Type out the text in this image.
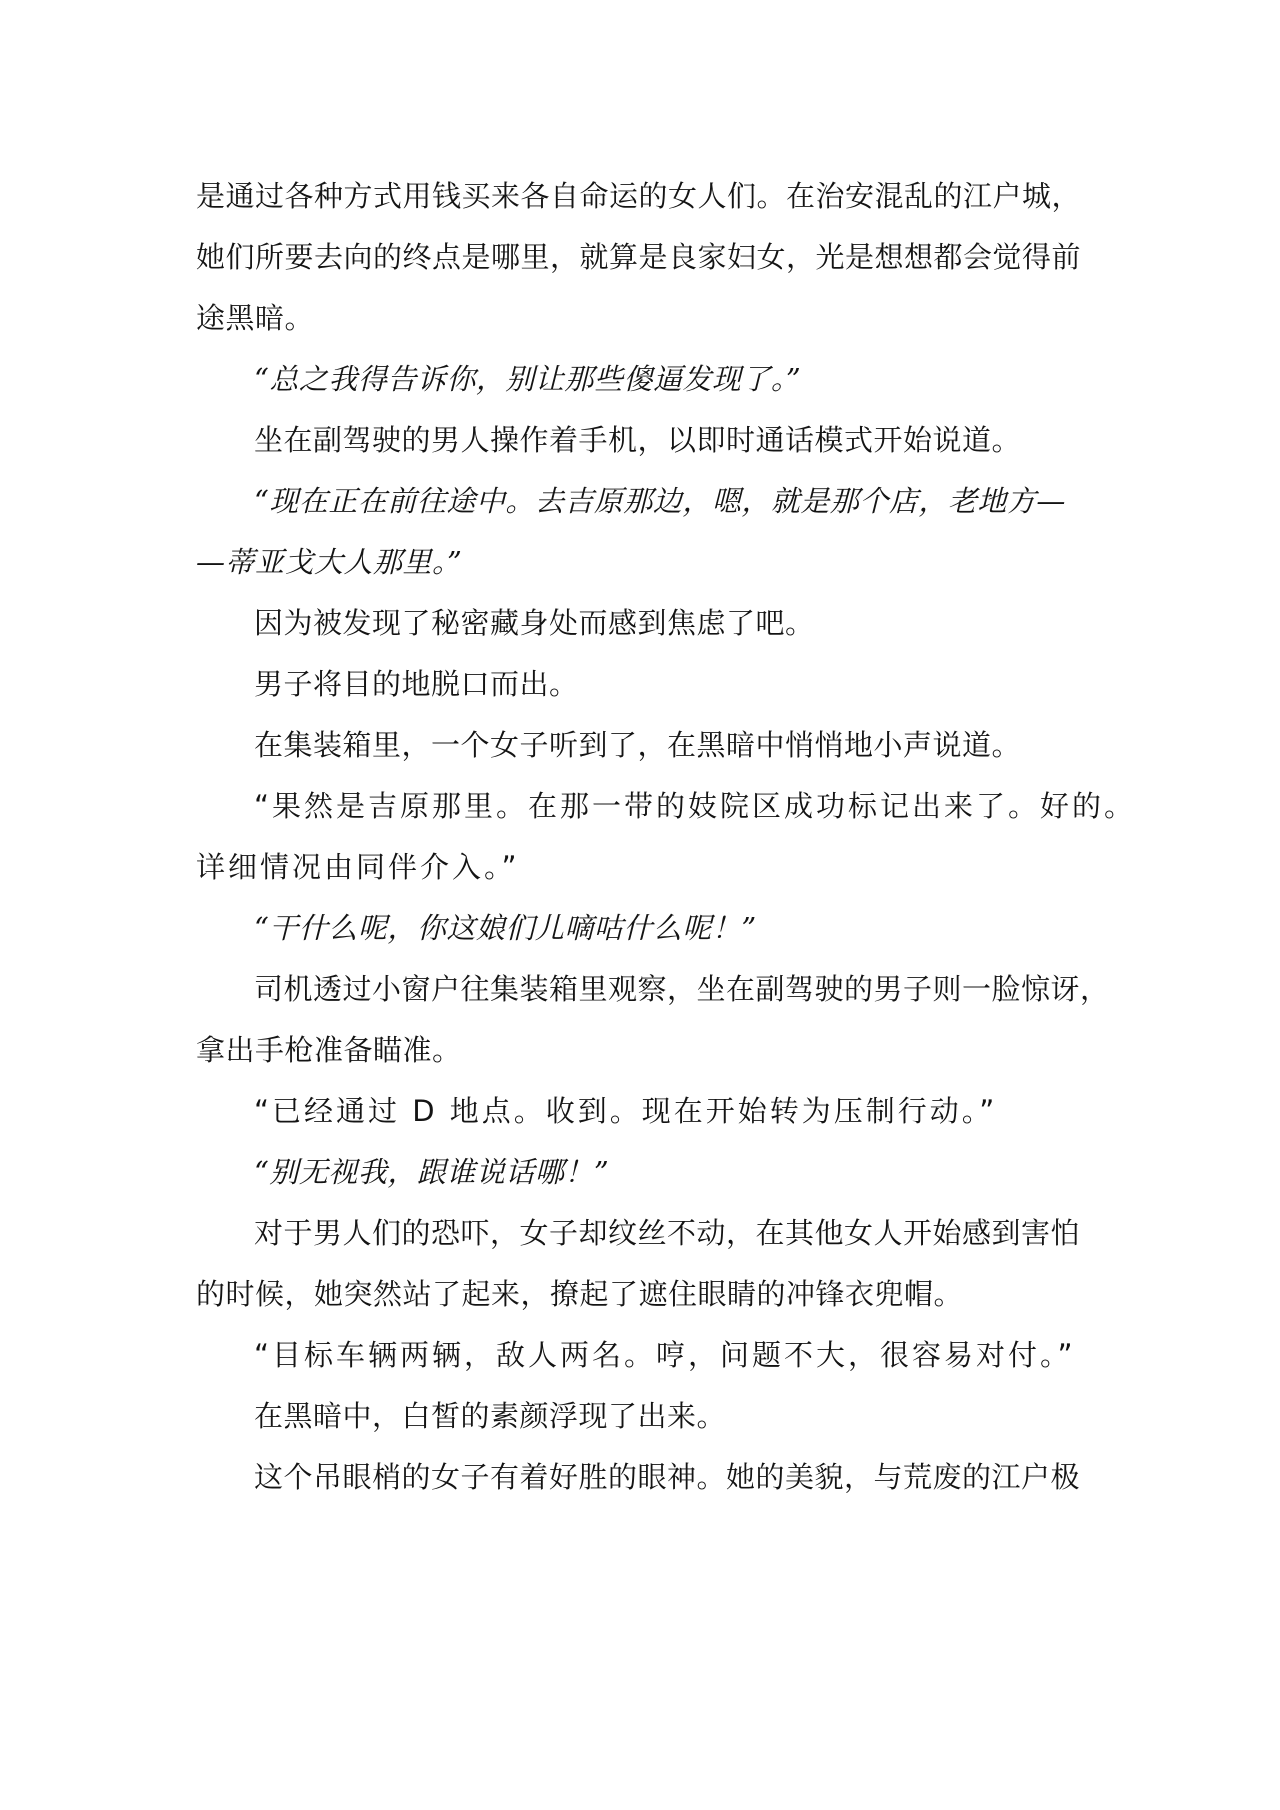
是通过各种方式用钱买来各自命运的女人们。在治安混乱的江户城，
她们所要去向的终点是哪里，就算是良家妇女，光是想想都会觉得前
途黑暗。
“总之我得告诉你，别让那些傻逼发现了。”
坐在副驾驶的男人操作着手机，以即时通话模式开始说道。
“现在正在前往途中。去吉原那边，嗯，就是那个店，老地方—
—蒂亚戈大人那里。”
因为被发现了秘密藏身处而感到焦虑了吧。
男子将目的地脱口而出。
在集装箱里，一个女子听到了，在黑暗中悄悄地小声说道。
“果然是吉原那里。在那一带的妓院区成功标记出来了。好的。
详细情况由同伴介入。”
“干什么呢，你这娘们儿嘀咕什么呢！”
司机透过小窗户往集装箱里观察，坐在副驾驶的男子则一脸惊讶，
拿出手枪准备瞄准。
“已经通过 D 地点。收到。现在开始转为压制行动。”
“别无视我，跟谁说话哪！”
对于男人们的恐吓，女子却纹丝不动，在其他女人开始感到害怕
的时候，她突然站了起来，撩起了遮住眼睛的冲锋衣兜帽。
“目标车辆两辆，敌人两名。哼，问题不大，很容易对付。”
在黑暗中，白皙的素颜浮现了出来。
这个吊眼梢的女子有着好胜的眼神。她的美貌，与荒废的江户极
